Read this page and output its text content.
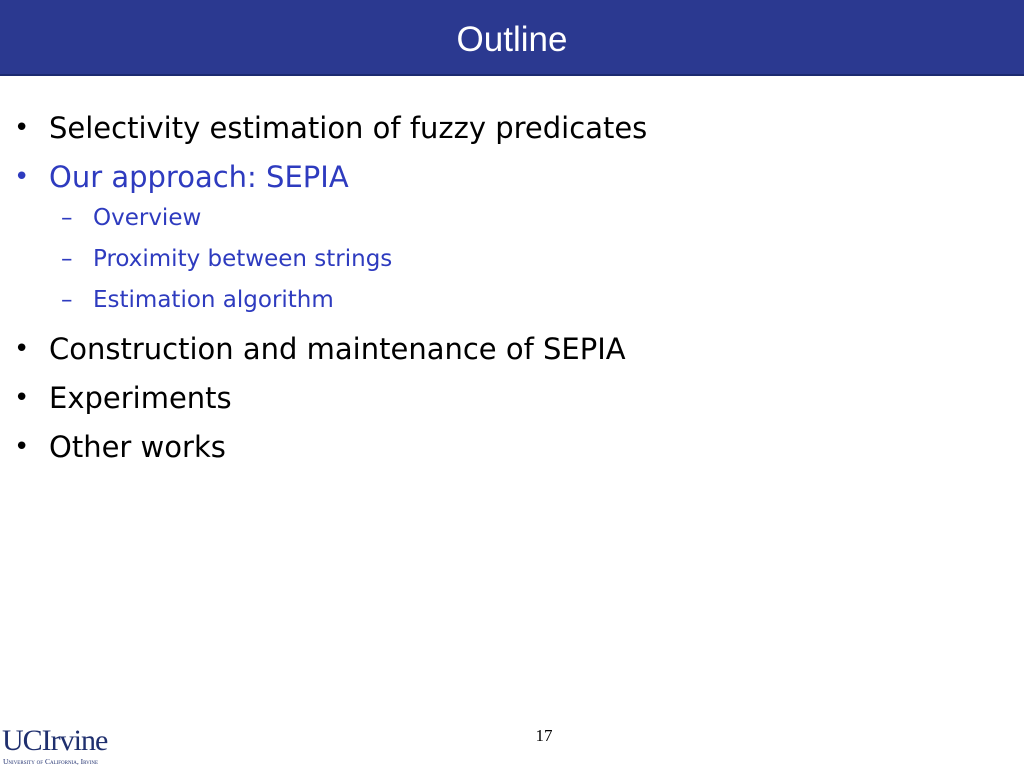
Outline
• Selectivity estimation of fuzzy predicates
• Our approach: SEPIA
– Overview
– Proximity between strings
– Estimation algorithm
• Construction and maintenance of SEPIA
• Experiments
• Other works
UCIrvine
University of California, Irvine
17
